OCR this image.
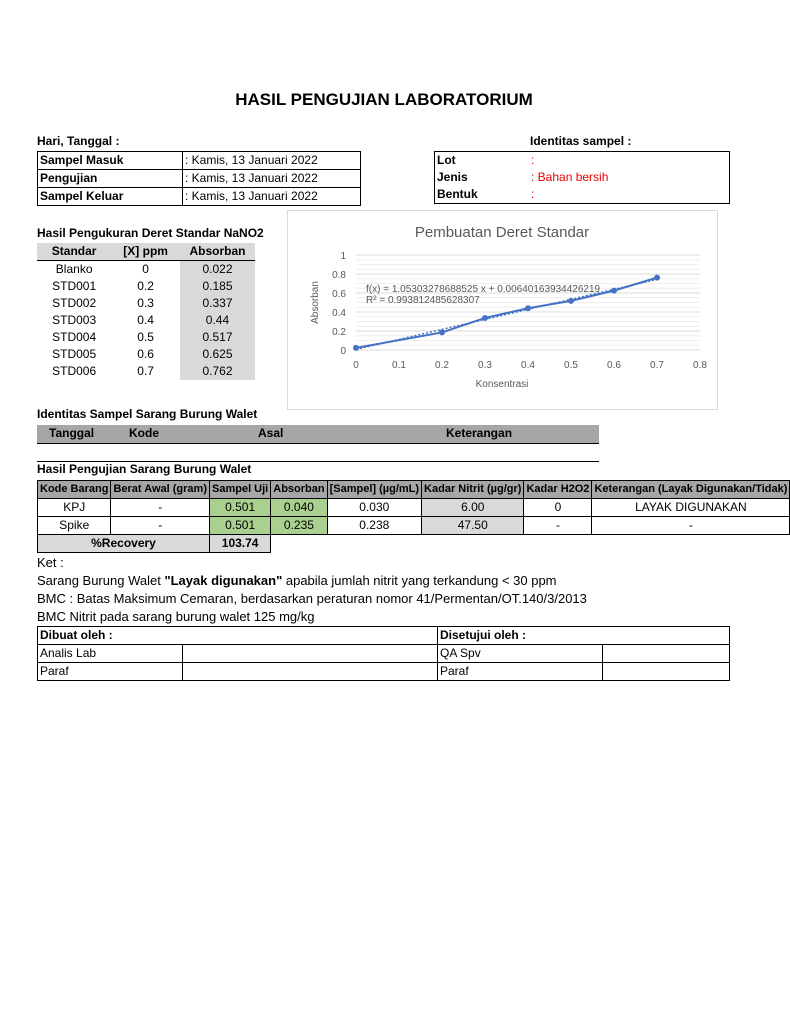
HASIL PENGUJIAN LABORATORIUM
Hari, Tanggal :	Identitas sampel :
Sampel Masuk	: Kamis, 13 Januari 2022
Pengujian	: Kamis, 13 Januari 2022
Sampel Keluar	: Kamis, 13 Januari 2022
Lot	:
Jenis	: Bahan bersih
Bentuk	:
Hasil Pengukuran Deret Standar NaNO2
Standar	[X] ppm	Absorban
Blanko	0	0.022
STD001	0.2	0.185
STD002	0.3	0.337
STD003	0.4	0.44
STD004	0.5	0.517
STD005	0.6	0.625
STD006	0.7	0.762
Pembuatan Deret Standar
0
0.2
0.4
0.6
0.8
1
0	0.1	0.2	0.3	0.4	0.5	0.6	0.7	0.8
Konsentrasi
Absorban	f(x) = 1.05303278688525 x + 0.00640163934426219
R² = 0.993812485628307
Identitas Sampel Sarang Burung Walet
Tanggal	Kode	Asal	Keterangan
Hasil Pengujian Sarang Burung Walet
Kode Barang	Berat Awal (gram)	Sampel Uji	Absorban	[Sampel] (µg/mL)	Kadar Nitrit (µg/gr)	Kadar H2O2	Keterangan (Layak Digunakan/Tidak)
KPJ	-	0.501	0.040	0.030	6.00	0	LAYAK DIGUNAKAN
Spike	-	0.501	0.235	0.238	47.50	-	-
%Recovery		103.74					
Ket :
Sarang Burung Walet "Layak digunakan" apabila jumlah nitrit yang terkandung < 30 ppm
BMC : Batas Maksimum Cemaran, berdasarkan peraturan nomor 41/Permentan/OT.140/3/2013
BMC Nitrit pada sarang burung walet 125 mg/kg
Dibuat oleh :		Disetujui oleh :	
Analis Lab		QA Spv	
Paraf		Paraf	
